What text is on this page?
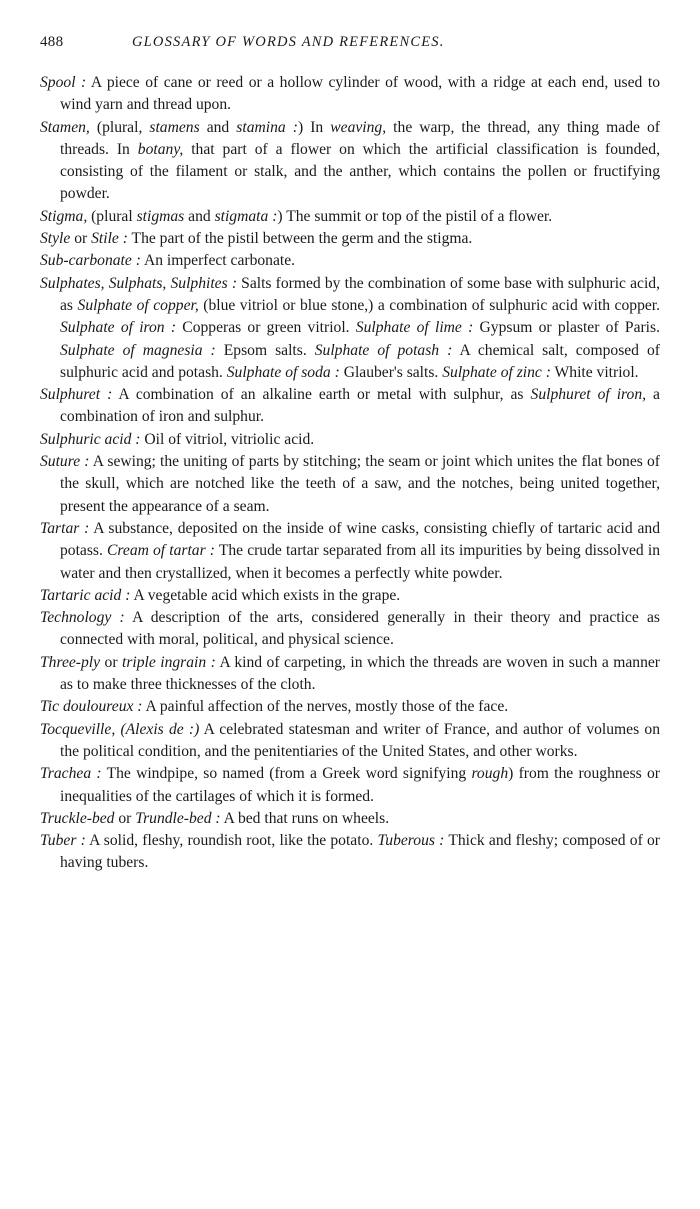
488	GLOSSARY OF WORDS AND REFERENCES.

Spool : A piece of cane or reed or a hollow cylinder of wood, with a ridge at each end, used to wind yarn and thread upon.

Stamen, (plural, stamens and stamina :) In weaving, the warp, the thread, any thing made of threads. In botany, that part of a flower on which the artificial classification is founded, consisting of the filament or stalk, and the anther, which contains the pollen or fructifying powder.

Stigma, (plural stigmas and stigmata :) The summit or top of the pistil of a flower.

Style or Stile : The part of the pistil between the germ and the stigma.

Sub-carbonate : An imperfect carbonate.

Sulphates, Sulphats, Sulphites : Salts formed by the combination of some base with sulphuric acid, as Sulphate of copper, (blue vitriol or blue stone,) a combination of sulphuric acid with copper. Sulphate of iron : Copperas or green vitriol. Sulphate of lime : Gypsum or plaster of Paris. Sulphate of magnesia : Epsom salts. Sulphate of potash : A chemical salt, composed of sulphuric acid and potash. Sulphate of soda : Glauber's salts. Sulphate of zinc : White vitriol.

Sulphuret : A combination of an alkaline earth or metal with sulphur, as Sulphuret of iron, a combination of iron and sulphur.

Sulphuric acid : Oil of vitriol, vitriolic acid.

Suture : A sewing; the uniting of parts by stitching; the seam or joint which unites the flat bones of the skull, which are notched like the teeth of a saw, and the notches, being united together, present the appearance of a seam.

Tartar : A substance, deposited on the inside of wine casks, consisting chiefly of tartaric acid and potass. Cream of tartar : The crude tartar separated from all its impurities by being dissolved in water and then crystallized, when it becomes a perfectly white powder.

Tartaric acid : A vegetable acid which exists in the grape.

Technology : A description of the arts, considered generally in their theory and practice as connected with moral, political, and physical science.

Three-ply or triple ingrain : A kind of carpeting, in which the threads are woven in such a manner as to make three thicknesses of the cloth.

Tic douloureux : A painful affection of the nerves, mostly those of the face.

Tocqueville, (Alexis de :) A celebrated statesman and writer of France, and author of volumes on the political condition, and the penitentiaries of the United States, and other works.

Trachea : The windpipe, so named (from a Greek word signifying rough) from the roughness or inequalities of the cartilages of which it is formed.

Truckle-bed or Trundle-bed : A bed that runs on wheels.

Tuber : A solid, fleshy, roundish root, like the potato. Tuberous : Thick and fleshy; composed of or having tubers.
